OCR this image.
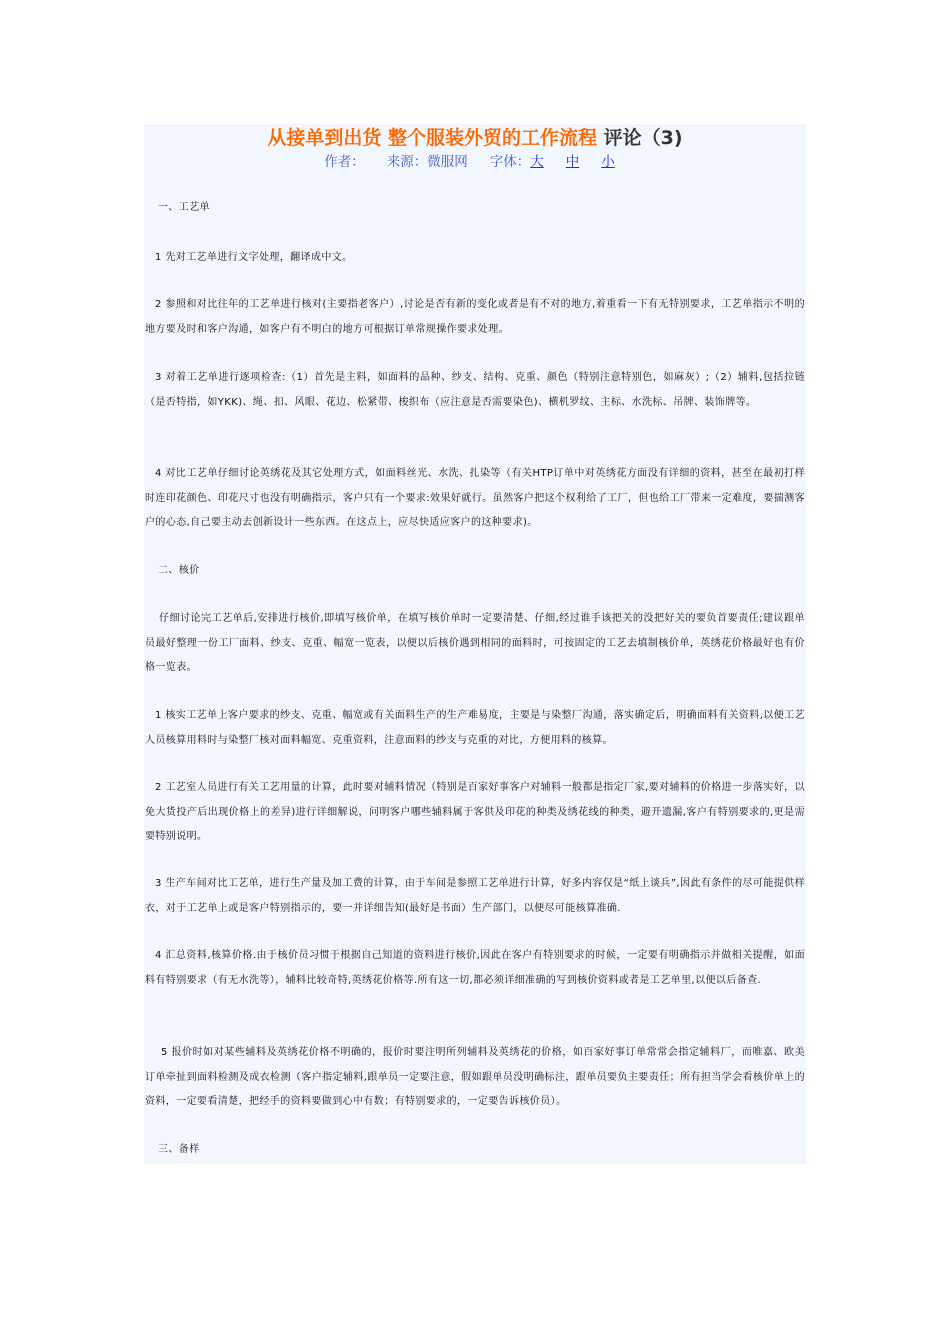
从接单到出货 整个服装外贸的工作流程 评论（3)
作者： 来源：微服网 字体：大 中 小

一、工艺单

1 先对工艺单进行文字处理，翻译成中文。

2 参照和对比往年的工艺单进行核对(主要指老客户）,讨论是否有新的变化或者是有不对的地方,着重看一下有无特别要求，工艺单指示不明的地方要及时和客户沟通，如客户有不明白的地方可根据订单常规操作要求处理。

3 对着工艺单进行逐项检查:（1）首先是主料，如面料的品种、纱支、结构、克重、颜色（特别注意特别色，如麻灰）;（2）辅料,包括拉链（是否特指，如YKK)、绳、扣、风眼、花边、松紧带、梭织布（应注意是否需要染色)、横机罗纹、主标、水洗标、吊牌、装饰牌等。

4 对比工艺单仔细讨论英绣花及其它处理方式，如面料丝光、水洗、扎染等（有关HTP订单中对英绣花方面没有详细的资料，甚至在最初打样时连印花颜色、印花尺寸也没有明确指示，客户只有一个要求:效果好就行。虽然客户把这个权利给了工厂，但也给工厂带来一定难度，要揣测客户的心态,自己要主动去创新设计一些东西。在这点上，应尽快适应客户的这种要求)。

二、核价

仔细讨论完工艺单后,安排进行核价,即填写核价单，在填写核价单时一定要清楚、仔细,经过谁手该把关的没把好关的要负首要责任;建议跟单员最好整理一份工厂面料、纱支、克重、幅宽一览表，以便以后核价遇到相同的面料时，可按固定的工艺去填制核价单，英绣花价格最好也有价格一览表。

1 核实工艺单上客户要求的纱支、克重、幅宽或有关面料生产的生产难易度，主要是与染整厂沟通，落实确定后，明确面料有关资料,以便工艺人员核算用料时与染整厂核对面料幅宽、克重资料，注意面料的纱支与克重的对比，方便用料的核算。

2 工艺室人员进行有关工艺用量的计算，此时要对辅料情况（特别是百家好事客户对辅料一般都是指定厂家,要对辅料的价格进一步落实好，以免大货投产后出现价格上的差异)进行详细解说，问明客户哪些辅料属于客供及印花的种类及绣花线的种类，避开遗漏,客户有特别要求的,更是需要特别说明。

3 生产车间对比工艺单，进行生产量及加工费的计算，由于车间是参照工艺单进行计算，好多内容仅是“纸上谈兵”,因此有条件的尽可能提供样衣，对于工艺单上或是客户特别指示的，要一并详细告知(最好是书面）生产部门，以便尽可能核算准确.

4 汇总资料,核算价格.由于核价员习惯于根据自己知道的资料进行核价,因此在客户有特别要求的时候，一定要有明确指示并做相关提醒，如面料有特别要求（有无水洗等），辅料比较奇特,英绣花价格等.所有这一切,都必须详细准确的写到核价资料或者是工艺单里,以便以后备查.

5 报价时如对某些辅料及英绣花价格不明确的，报价时要注明所列辅料及英绣花的价格，如百家好事订单常常会指定辅料厂，而唯嘉、欧美订单牵扯到面料检测及成衣检测（客户指定辅料,跟单员一定要注意，假如跟单员没明确标注，跟单员要负主要责任；所有担当学会看核价单上的资料，一定要看清楚，把经手的资料要做到心中有数；有特别要求的，一定要告诉核价员）。

三、备样
